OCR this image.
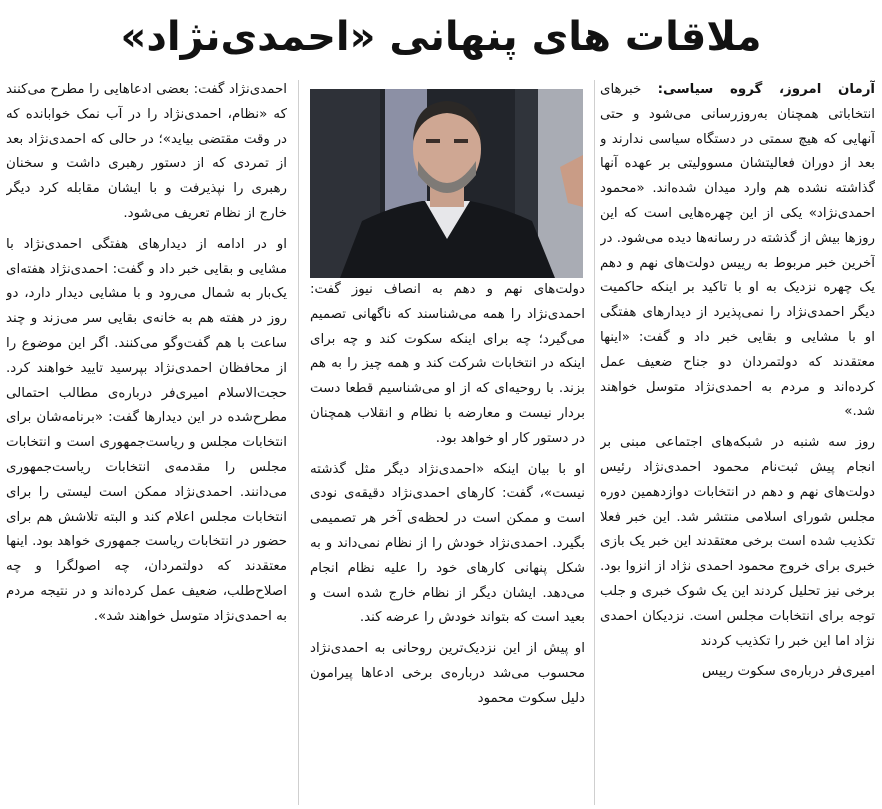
ملاقات های پنهانی «احمدی‌نژاد»

آرمان امروز، گروه سیاسی: خبرهای انتخاباتی همچنان به‌روزرسانی می‌شود و حتی آنهایی که هیچ سمتی در دستگاه سیاسی ندارند و بعد از دوران فعالیتشان مسوولیتی بر عهده آنها گذاشته نشده هم وارد میدان شده‌اند. «محمود احمدی‌نژاد» یکی از این چهره‌هایی است که این روزها بیش از گذشته در رسانه‌ها دیده می‌شود. در آخرین خبر مربوط به رییس دولت‌های نهم و دهم یک چهره نزدیک به او با تاکید بر اینکه حاکمیت دیگر احمدی‌نژاد را نمی‌پذیرد از دیدارهای هفتگی او با مشایی و بقایی خبر داد و گفت: «اینها معتقدند که دولتمردان دو جناح ضعیف عمل کرده‌اند و مردم به احمدی‌نژاد متوسل خواهند شد.»

روز سه شنبه در شبکه‌های اجتماعی مبنی بر انجام پیش ثبت‌نام محمود احمدی‌نژاد رئیس دولت‌های نهم و دهم در انتخابات دوازدهمین دوره مجلس شورای اسلامی منتشر شد. این خبر فعلا تکذیب شده است برخی معتقدند این خبر یک بازی خبری برای خروج محمود احمدی نژاد از انزوا بود. برخی نیز تحلیل کردند این یک شوک خبری و جلب توجه برای انتخابات مجلس است. نزدیکان احمدی نژاد اما این خبر را تکذیب کردند

امیری‌فر درباره‌ی سکوت رییس

دولت‌های نهم و دهم به انصاف نیوز گفت: احمدی‌نژاد را همه می‌شناسند که ناگهانی تصمیم می‌گیرد؛ چه برای اینکه سکوت کند و چه برای اینکه در انتخابات شرکت کند و همه چیز را به هم بزند. با روحیه‌ای که از او می‌شناسیم قطعا دست بردار نیست و معارضه با نظام و انقلاب همچنان در دستور کار او خواهد بود.

او با بیان اینکه «احمدی‌نژاد دیگر مثل گذشته نیست»، گفت: کارهای احمدی‌نژاد دقیقه‌ی نودی است و ممکن است در لحظه‌ی آخر هر تصمیمی بگیرد. احمدی‌نژاد خودش را از نظام نمی‌داند و به شکل پنهانی کارهای خود را علیه نظام انجام می‌دهد. ایشان دیگر از نظام خارج شده است و بعید است که بتواند خودش را عرضه کند.

او پیش از این نزدیک‌ترین روحانی به احمدی‌نژاد محسوب می‌شد درباره‌ی برخی ادعاها پیرامون دلیل سکوت محمود

احمدی‌نژاد گفت: بعضی ادعاهایی را مطرح می‌کنند که «نظام، احمدی‌نژاد را در آب نمک خوابانده که در وقت مقتضی بیاید»؛ در حالی که احمدی‌نژاد بعد از تمردی که از دستور رهبری داشت و سخنان رهبری را نپذیرفت و با ایشان مقابله کرد دیگر خارج از نظام تعریف می‌شود.

او در ادامه از دیدارهای هفتگی احمدی‌نژاد با مشایی و بقایی خبر داد و گفت: احمدی‌نژاد هفته‌ای یک‌بار به شمال می‌رود و با مشایی دیدار دارد، دو روز در هفته هم به خانه‌ی بقایی سر می‌زند و چند ساعت با هم گفت‌وگو می‌کنند. اگر این موضوع را از محافظان احمدی‌نژاد بپرسید تایید خواهند کرد. حجت‌الاسلام امیری‌فر درباره‌ی مطالب احتمالی مطرح‌شده در این دیدارها گفت: «برنامه‌شان برای انتخابات مجلس و ریاست‌جمهوری است و انتخابات مجلس را مقدمه‌ی انتخابات ریاست‌جمهوری می‌دانند. احمدی‌نژاد ممکن است لیستی را برای انتخابات مجلس اعلام کند و البته تلاشش هم برای حضور در انتخابات ریاست جمهوری خواهد بود. اینها معتقدند که دولتمردان، چه اصولگرا و چه اصلاح‌طلب، ضعیف عمل کرده‌اند و در نتیجه مردم به احمدی‌نژاد متوسل خواهند شد».
